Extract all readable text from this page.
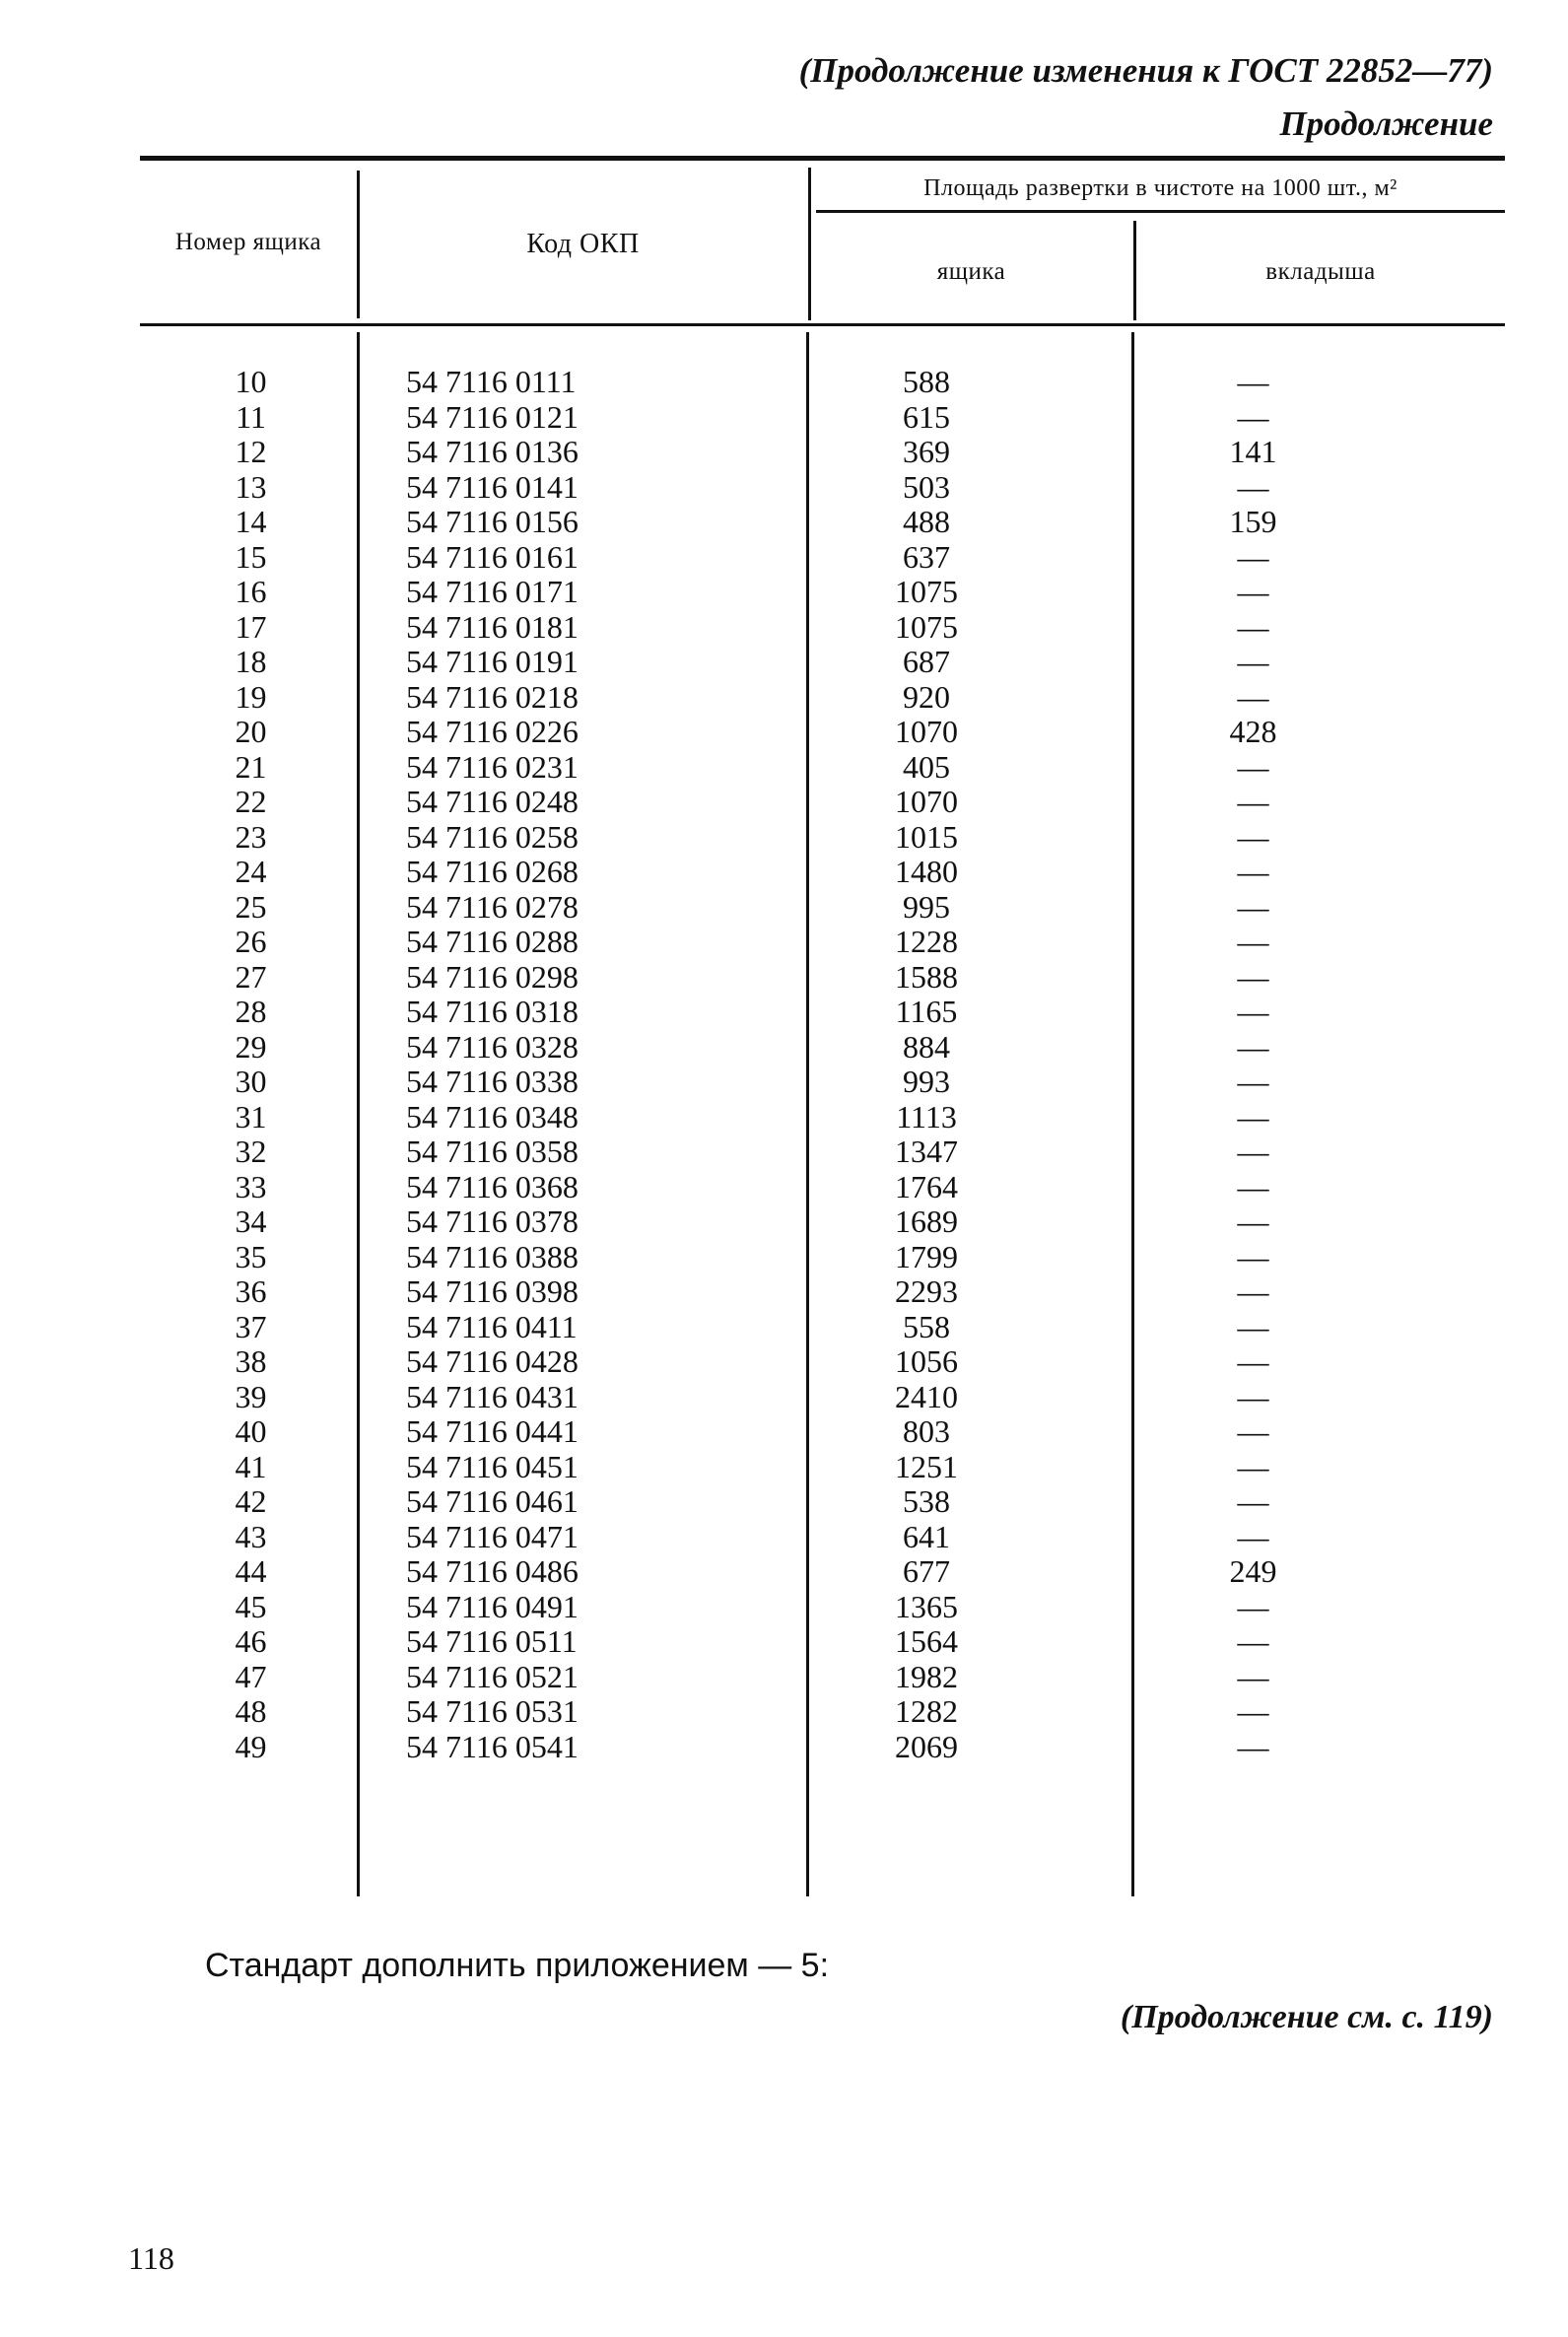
(Продолжение изменения к ГОСТ 22852—77)
Продолжение
Номер ящика	Код ОКП
Площадь развертки в чистоте на 1000 шт., м²
ящика	вкладыша
10	54 7116 0111	588	—
11	54 7116 0121	615	—
12	54 7116 0136	369	141
13	54 7116 0141	503	—
14	54 7116 0156	488	159
15	54 7116 0161	637	—
16	54 7116 0171	1075	—
17	54 7116 0181	1075	—
18	54 7116 0191	687	—
19	54 7116 0218	920	—
20	54 7116 0226	1070	428
21	54 7116 0231	405	—
22	54 7116 0248	1070	—
23	54 7116 0258	1015	—
24	54 7116 0268	1480	—
25	54 7116 0278	995	—
26	54 7116 0288	1228	—
27	54 7116 0298	1588	—
28	54 7116 0318	1165	—
29	54 7116 0328	884	—
30	54 7116 0338	993	—
31	54 7116 0348	1113	—
32	54 7116 0358	1347	—
33	54 7116 0368	1764	—
34	54 7116 0378	1689	—
35	54 7116 0388	1799	—
36	54 7116 0398	2293	—
37	54 7116 0411	558	—
38	54 7116 0428	1056	—
39	54 7116 0431	2410	—
40	54 7116 0441	803	—
41	54 7116 0451	1251	—
42	54 7116 0461	538	—
43	54 7116 0471	641	—
44	54 7116 0486	677	249
45	54 7116 0491	1365	—
46	54 7116 0511	1564	—
47	54 7116 0521	1982	—
48	54 7116 0531	1282	—
49	54 7116 0541	2069	—
Стандарт дополнить приложением — 5:
(Продолжение см. с. 119)
118
